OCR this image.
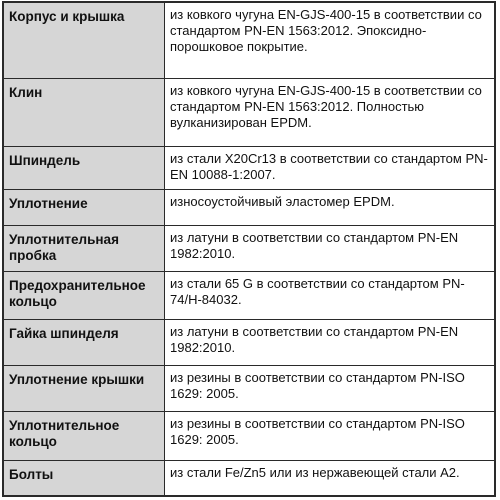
Корпус и крышка	из ковкого чугуна EN-GJS-400-15 в соответствии со стандартом PN-EN 1563:2012. Эпоксидно-порошковое покрытие.
Клин	из ковкого чугуна EN-GJS-400-15 в соответствии со стандартом PN-EN 1563:2012. Полностью вулканизирован EPDM.
Шпиндель	из стали X20Cr13 в соответствии со стандартом PN-EN 10088-1:2007.
Уплотнение	износоустойчивый эластомер EPDM.
Уплотнительная пробка	из латуни в соответствии со стандартом PN-EN 1982:2010.
Предохранительное кольцо	из стали 65 G в соответствии со стандартом PN-74/H-84032.
Гайка шпинделя	из латуни в соответствии со стандартом PN-EN 1982:2010.
Уплотнение крышки	из резины в соответствии со стандартом PN-ISO 1629: 2005.
Уплотнительное кольцо	из резины в соответствии со стандартом PN-ISO 1629: 2005.
Болты	из стали Fe/Zn5 или из нержавеющей стали A2.
